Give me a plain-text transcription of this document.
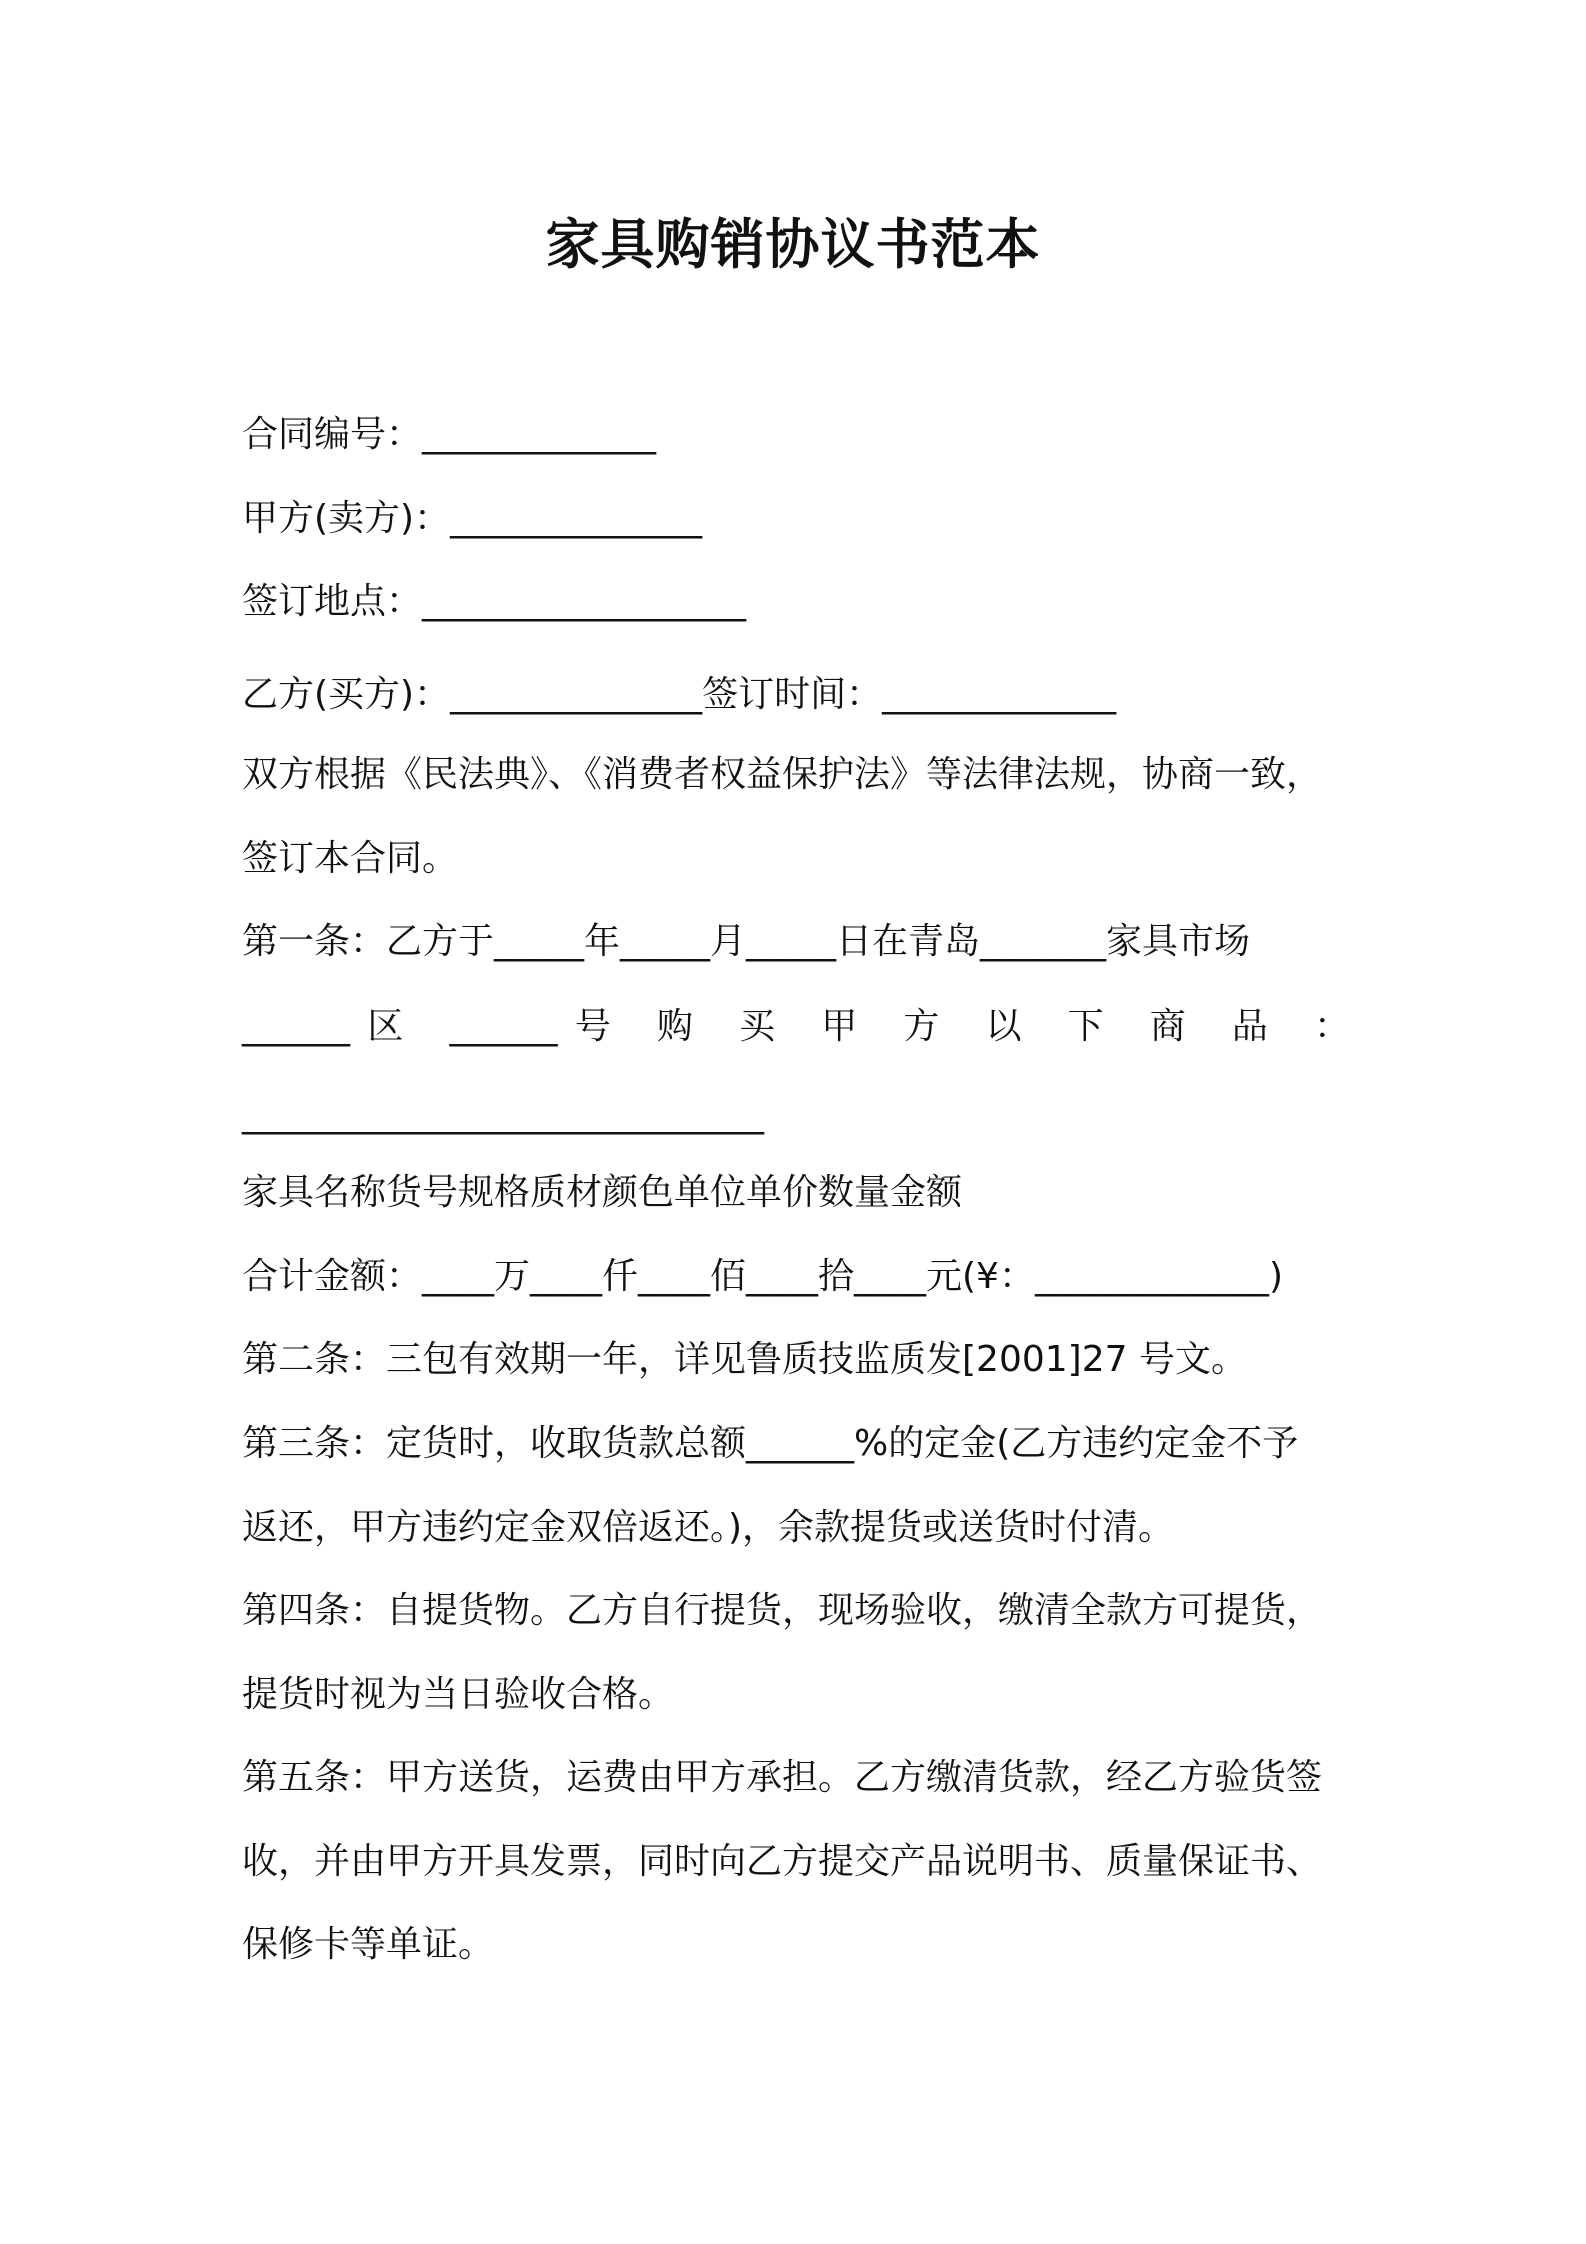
家具购销协议书范本
合同编号：_____________
甲方(卖方)：______________
签订地点：__________________
乙方(买方)：______________签订时间：_____________
双方根据《民法典》、《消费者权益保护法》等法律法规，协商一致，
签订本合同。
第一条：乙方于_____年_____月_____日在青岛_______家具市场
______区 ______号 购 买 甲 方 以 下 商 品 ：
_____________________________
家具名称货号规格质材颜色单位单价数量金额
合计金额：____万____仟____佰____拾____元(¥：_____________)
第二条：三包有效期一年，详见鲁质技监质发[2001]27 号文。
第三条：定货时，收取货款总额______%的定金(乙方违约定金不予
返还，甲方违约定金双倍返还。)，余款提货或送货时付清。
第四条：自提货物。乙方自行提货，现场验收，缴清全款方可提货，
提货时视为当日验收合格。
第五条：甲方送货，运费由甲方承担。乙方缴清货款，经乙方验货签
收，并由甲方开具发票，同时向乙方提交产品说明书、质量保证书、
保修卡等单证。
